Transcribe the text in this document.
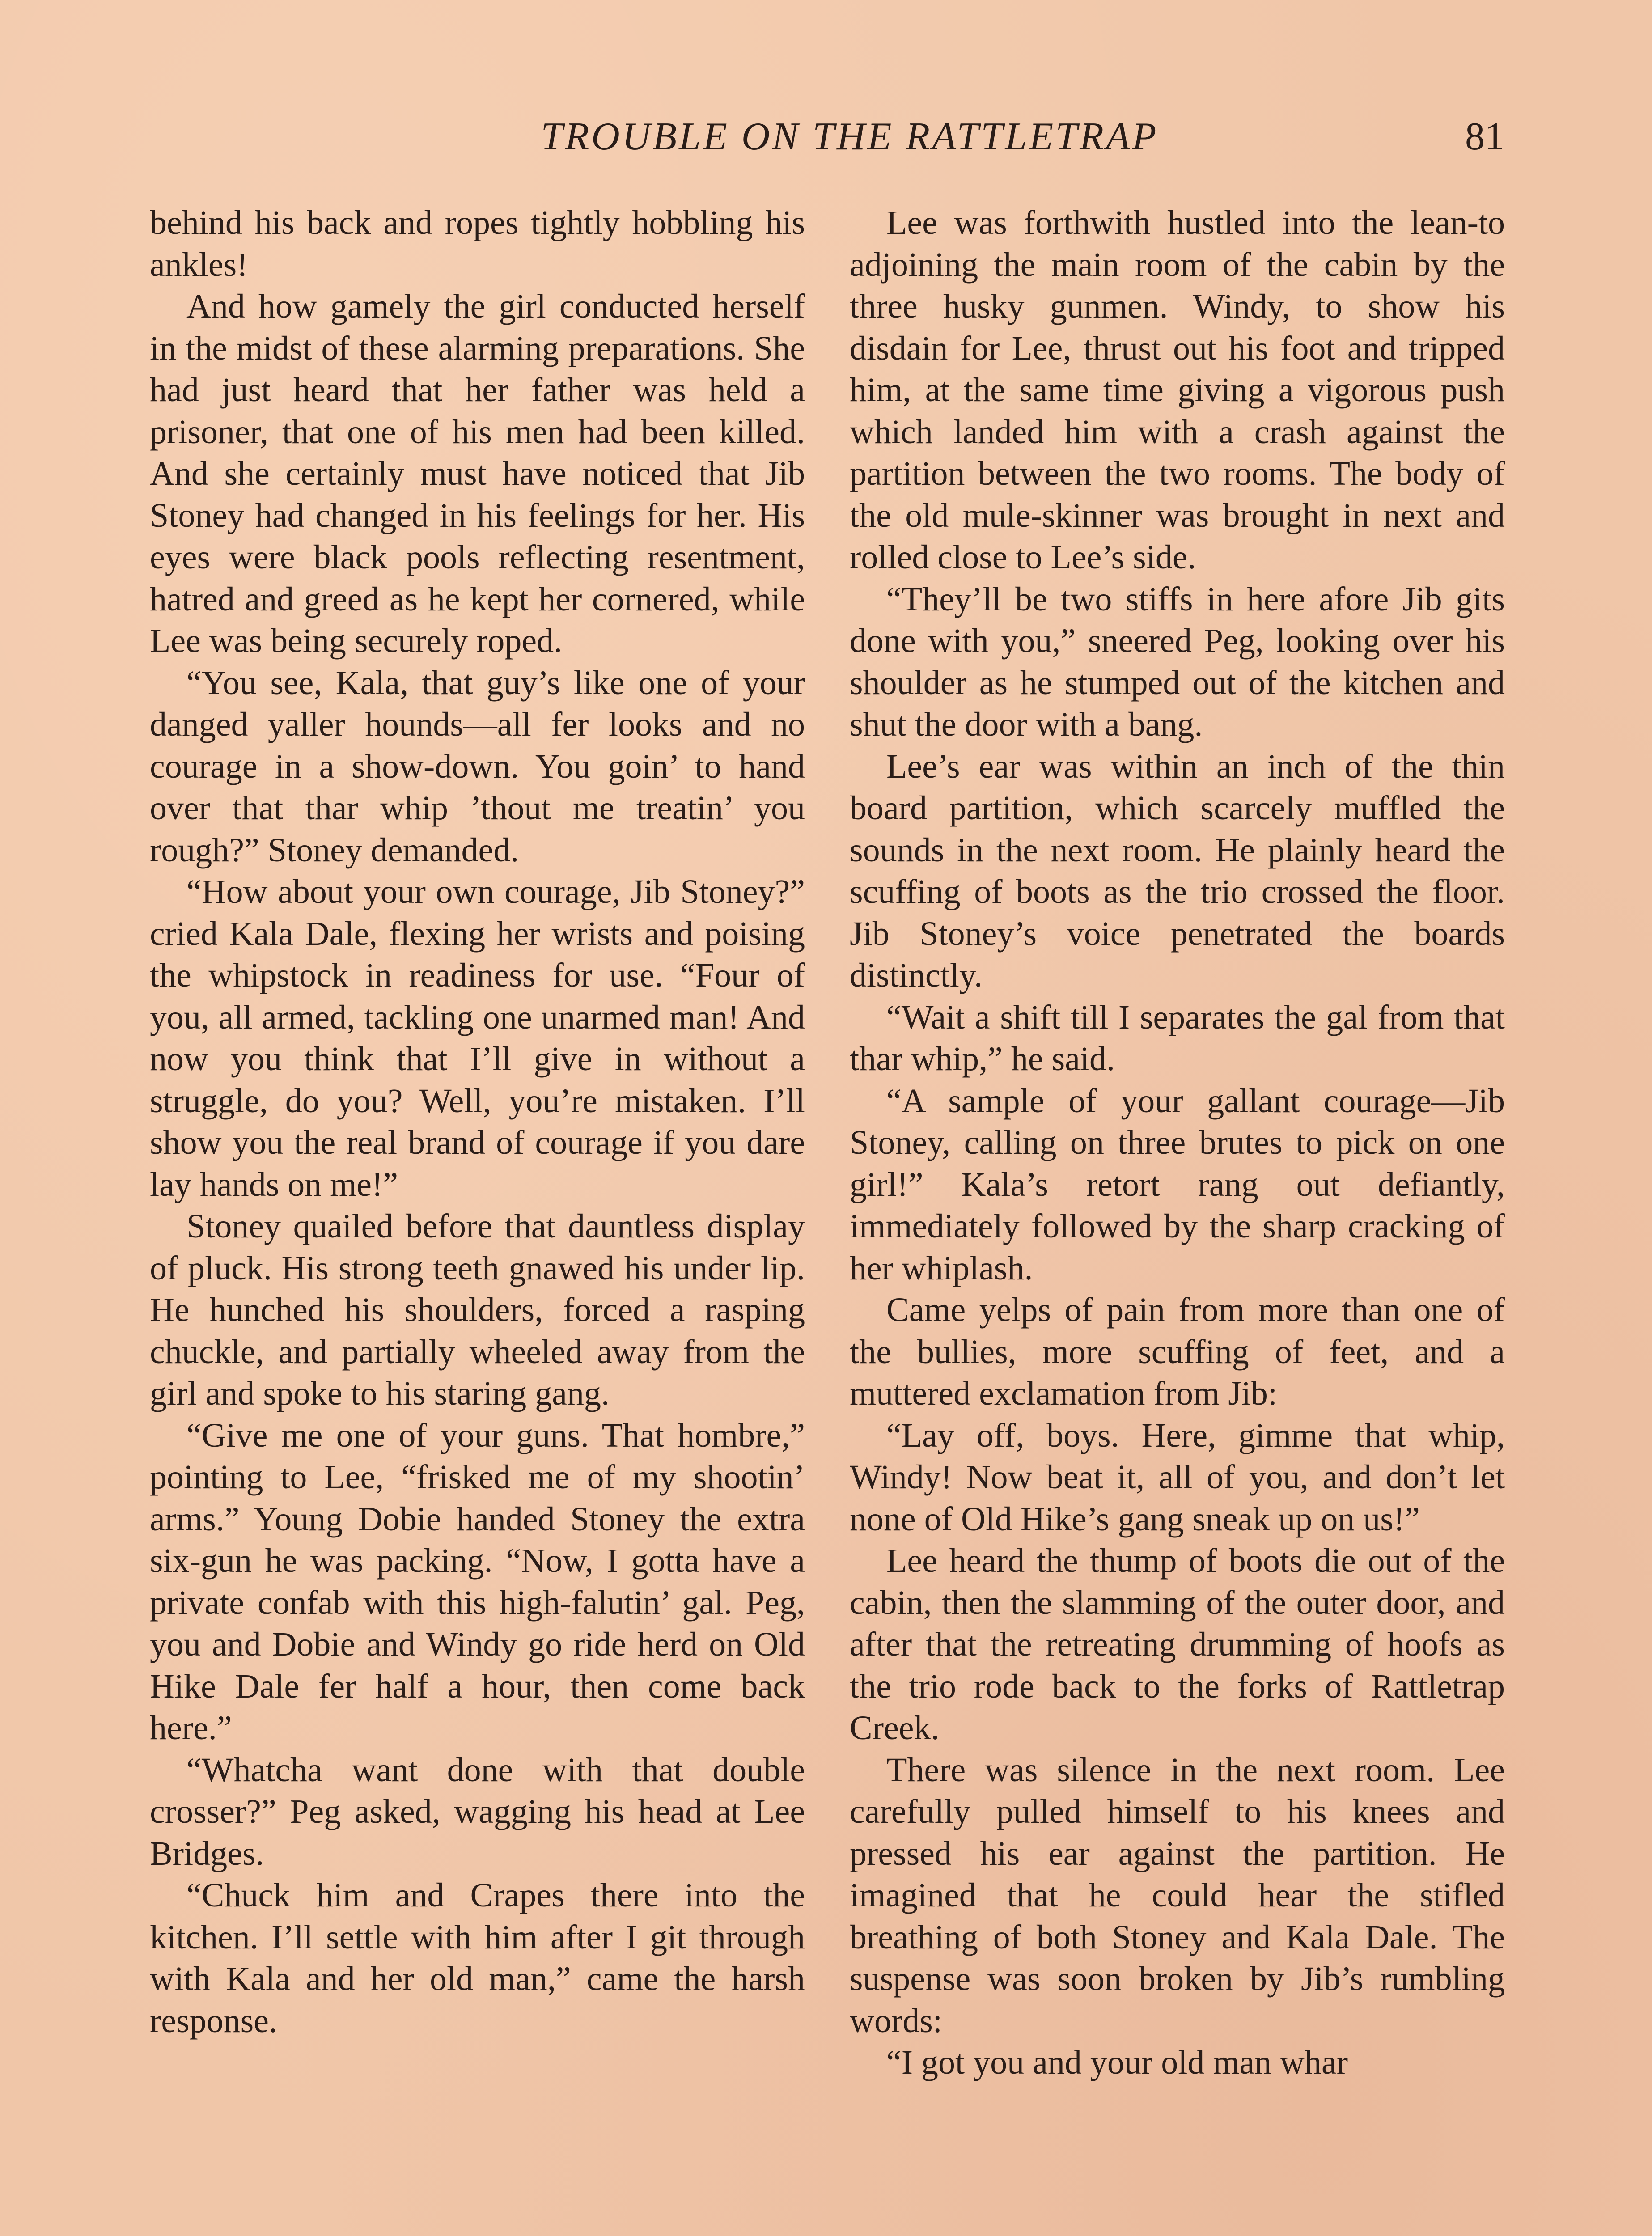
TROUBLE ON THE RATTLETRAP	81

behind his back and ropes tightly hobbling his ankles!

And how gamely the girl conducted herself in the midst of these alarming preparations. She had just heard that her father was held a prisoner, that one of his men had been killed. And she certainly must have noticed that Jib Stoney had changed in his feelings for her. His eyes were black pools reflecting resentment, hatred and greed as he kept her cornered, while Lee was being securely roped.

“You see, Kala, that guy’s like one of your danged yaller hounds—all fer looks and no courage in a show-down. You goin’ to hand over that thar whip ’thout me treatin’ you rough?” Stoney demanded.

“How about your own courage, Jib Stoney?” cried Kala Dale, flexing her wrists and poising the whipstock in readiness for use. “Four of you, all armed, tackling one unarmed man! And now you think that I’ll give in without a struggle, do you? Well, you’re mistaken. I’ll show you the real brand of courage if you dare lay hands on me!”

Stoney quailed before that dauntless display of pluck. His strong teeth gnawed his under lip. He hunched his shoulders, forced a rasping chuckle, and partially wheeled away from the girl and spoke to his staring gang.

“Give me one of your guns. That hombre,” pointing to Lee, “frisked me of my shootin’ arms.” Young Dobie handed Stoney the extra six-gun he was packing. “Now, I gotta have a private confab with this high-falutin’ gal. Peg, you and Dobie and Windy go ride herd on Old Hike Dale fer half a hour, then come back here.”

“Whatcha want done with that double crosser?” Peg asked, wagging his head at Lee Bridges.

“Chuck him and Crapes there into the kitchen. I’ll settle with him after I git through with Kala and her old man,” came the harsh response.

Lee was forthwith hustled into the lean-to adjoining the main room of the cabin by the three husky gunmen. Windy, to show his disdain for Lee, thrust out his foot and tripped him, at the same time giving a vigorous push which landed him with a crash against the partition between the two rooms. The body of the old mule-skinner was brought in next and rolled close to Lee’s side.

“They’ll be two stiffs in here afore Jib gits done with you,” sneered Peg, looking over his shoulder as he stumped out of the kitchen and shut the door with a bang.

Lee’s ear was within an inch of the thin board partition, which scarcely muffled the sounds in the next room. He plainly heard the scuffing of boots as the trio crossed the floor. Jib Stoney’s voice penetrated the boards distinctly.

“Wait a shift till I separates the gal from that thar whip,” he said.

“A sample of your gallant courage—Jib Stoney, calling on three brutes to pick on one girl!” Kala’s retort rang out defiantly, immediately followed by the sharp cracking of her whiplash.

Came yelps of pain from more than one of the bullies, more scuffing of feet, and a muttered exclamation from Jib:

“Lay off, boys. Here, gimme that whip, Windy! Now beat it, all of you, and don’t let none of Old Hike’s gang sneak up on us!”

Lee heard the thump of boots die out of the cabin, then the slamming of the outer door, and after that the retreating drumming of hoofs as the trio rode back to the forks of Rattletrap Creek.

There was silence in the next room. Lee carefully pulled himself to his knees and pressed his ear against the partition. He imagined that he could hear the stifled breathing of both Stoney and Kala Dale. The suspense was soon broken by Jib’s rumbling words:

“I got you and your old man whar
